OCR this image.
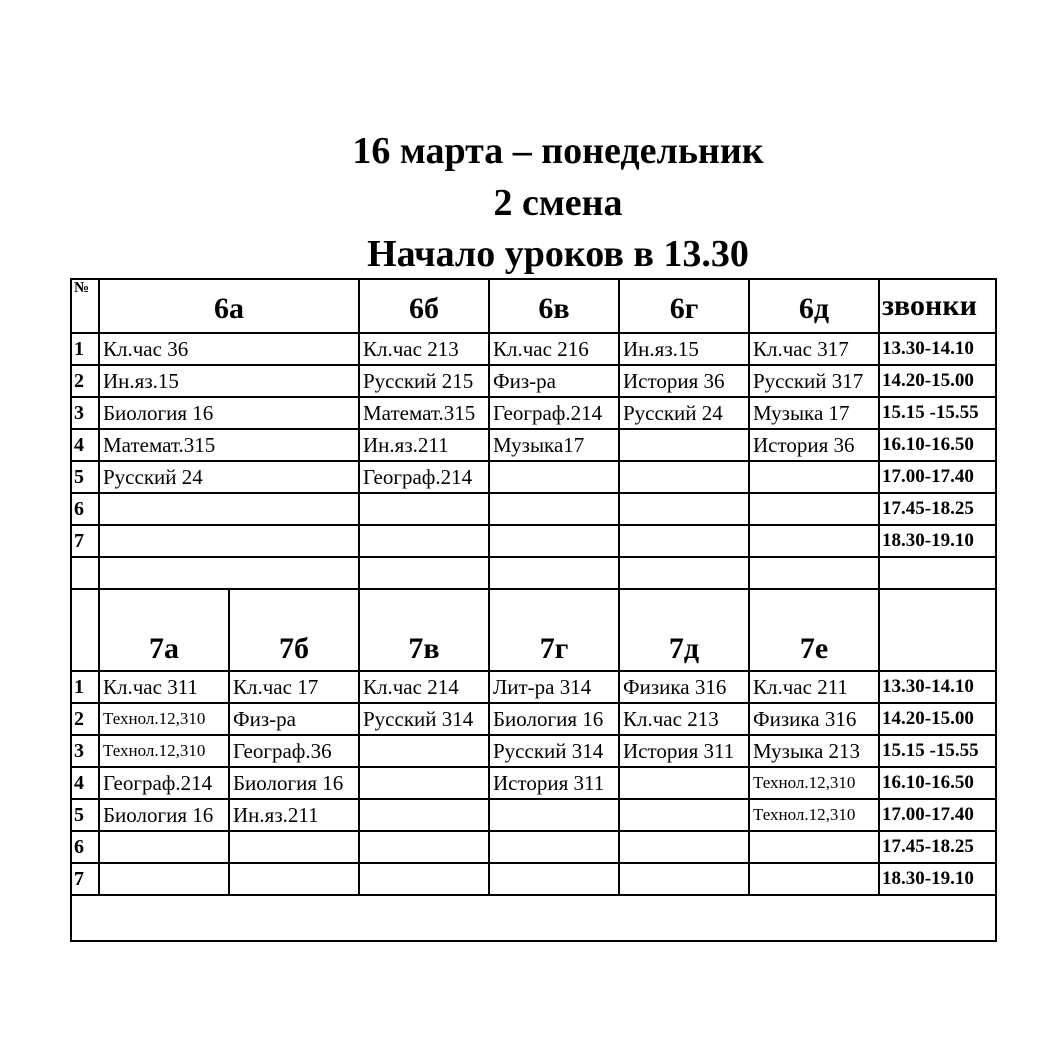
16 марта – понедельник
2 смена
Начало уроков в 13.30
№	6а		6б	6в	6г	6д	звонки
1	Кл.час 36		Кл.час 213	Кл.час 216	Ин.яз.15	Кл.час 317	13.30-14.10
2	Ин.яз.15		Русский 215	Физ-ра	История 36	Русский 317	14.20-15.00
3	Биология 16		Математ.315	Географ.214	Русский 24	Музыка 17	15.15 -15.55
4	Математ.315		Ин.яз.211	Музыка17		История 36	16.10-16.50
5	Русский 24		Географ.214				17.00-17.40
6							17.45-18.25
7							18.30-19.10

	7а	7б	7в	7г	7д	7е	
1	Кл.час 311	Кл.час 17	Кл.час 214	Лит-ра 314	Физика 316	Кл.час 211	13.30-14.10
2	Технол.12,310	Физ-ра	Русский 314	Биология 16	Кл.час 213	Физика 316	14.20-15.00
3	Технол.12,310	Географ.36		Русский 314	История 311	Музыка 213	15.15 -15.55
4	Географ.214	Биология 16		История 311		Технол.12,310	16.10-16.50
5	Биология 16	Ин.яз.211				Технол.12,310	17.00-17.40
6							17.45-18.25
7							18.30-19.10
